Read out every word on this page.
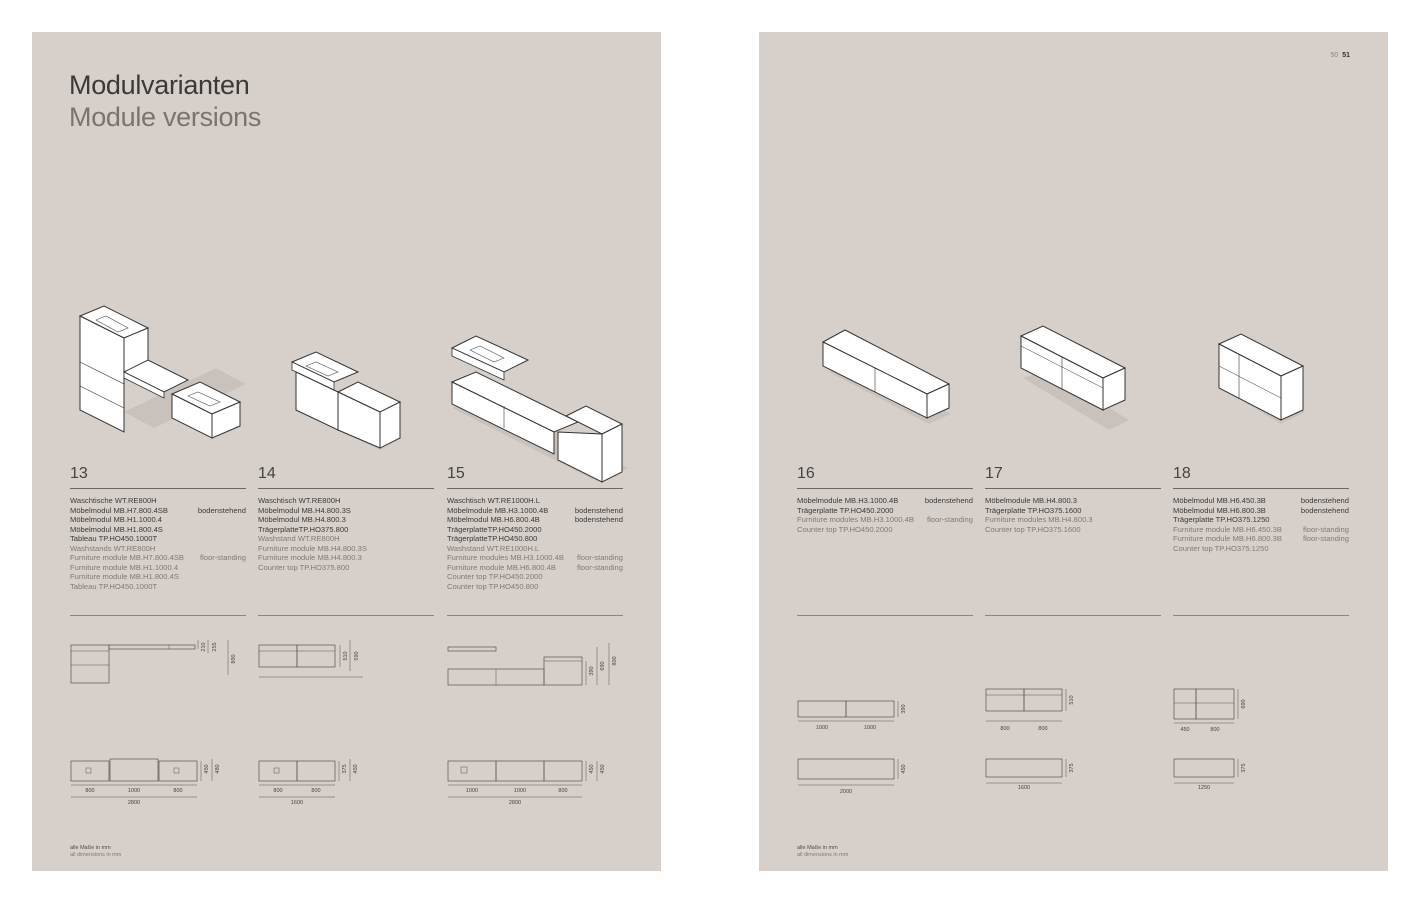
Modulvarianten
Module versions
13
Waschtische WT.RE800H
Möbelmodul MB.H7.800.4SB	bodenstehend
Möbelmodul MB.H1.1000.4
Möbelmodul MB.H1.800.4S
Tableau TP.HO450.1000T
Washstands WT.RE800H
Furniture module MB.H7.800.4SB floor-standing
Furniture module MB.H1.1000.4
Furniture module MB.H1.800.4S
Tableau TP.HO450.1000T
210 255
890
450 480
800	1000	800
2800
14
Waschtisch WT.RE800H
Möbelmodul MB.H4.800.3S
Möbelmodul MB.H4.800.3
TrägerplatteTP.HO375.800
Washstand WT.RE800H
Furniture module MB.H4.800.3S
Furniture module MB.H4.800.3
Counter top TP.HO375.800
510 590
375 450
800	800
1600
15
Waschtisch WT.RE1000H.L
Möbelmodule MB.H3.1000.4B	bodenstehend
Möbelmodul MB.H6.800.4B	bodenstehend
TrägerplatteTP.HO450.2000
TrägerplatteTP.HO450.800
Washstand WT.RE1000H.L
Furniture modules MB.H3.1000.4B floor-standing
Furniture module MB.H6.800.4B	floor-standing
Counter top TP.HO450.2000
Counter top TP.HO450.800
390
690
800
450 450
1000	1000	800
2800
alle Maße in mm
all dimensions in mm
50 51
16
Möbelmodule MB.H3.1000.4B	bodenstehend
Trägerplatte TP.HO450.2000
Furniture modules MB.H3.1000.4B floor-standing
Counter top TP.HO450.2000
390
1000	1000
450
2000
17
Möbelmodule MB.H4.800.3
Trägerplatte TP.HO375.1600
Furniture modules MB.H4.800.3
Counter top TP.HO375.1600
510
800	800
375
1600
18
Möbelmodul MB.H6.450.3B	bodenstehend
Möbelmodul MB.H6.800.3B	bodenstehend
Trägerplatte TP.HO375.1250
Furniture module MB.H6.450.3B	floor-standing
Furniture module MB.H6.800.3B	floor-standing
Counter top TP.HO375.1250
690
450	800
375
1250
alle Maße in mm
all dimensions in mm
